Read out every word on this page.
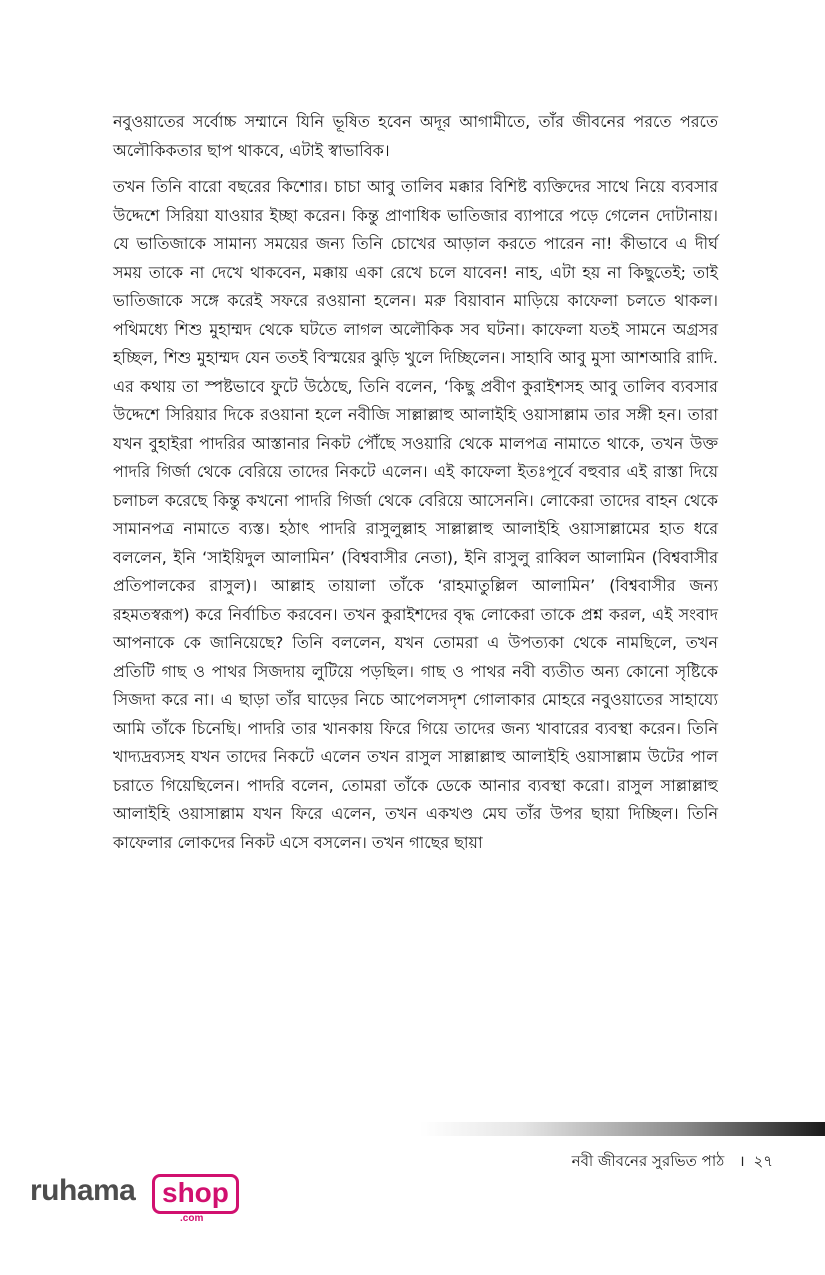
নবুওয়াতের সর্বোচ্চ সম্মানে যিনি ভূষিত হবেন অদূর আগামীতে, তাঁর জীবনের পরতে পরতে অলৌকিকতার ছাপ থাকবে, এটাই স্বাভাবিক।

তখন তিনি বারো বছরের কিশোর। চাচা আবু তালিব মক্কার বিশিষ্ট ব্যক্তিদের সাথে নিয়ে ব্যবসার উদ্দেশে সিরিয়া যাওয়ার ইচ্ছা করেন। কিন্তু প্রাণাধিক ভাতিজার ব্যাপারে পড়ে গেলেন দোটানায়। যে ভাতিজাকে সামান্য সময়ের জন্য তিনি চোখের আড়াল করতে পারেন না! কীভাবে এ দীর্ঘ সময় তাকে না দেখে থাকবেন, মক্কায় একা রেখে চলে যাবেন! নাহ, এটা হয় না কিছুতেই; তাই ভাতিজাকে সঙ্গে করেই সফরে রওয়ানা হলেন। মরু বিয়াবান মাড়িয়ে কাফেলা চলতে থাকল। পথিমধ্যে শিশু মুহাম্মদ থেকে ঘটতে লাগল অলৌকিক সব ঘটনা। কাফেলা যতই সামনে অগ্রসর হচ্ছিল, শিশু মুহাম্মদ যেন ততই বিস্ময়ের ঝুড়ি খুলে দিচ্ছিলেন। সাহাবি আবু মুসা আশআরি রাদি. এর কথায় তা স্পষ্টভাবে ফুটে উঠেছে, তিনি বলেন, ‘কিছু প্রবীণ কুরাইশসহ আবু তালিব ব্যবসার উদ্দেশে সিরিয়ার দিকে রওয়ানা হলে নবীজি সাল্লাল্লাহু আলাইহি ওয়াসাল্লাম তার সঙ্গী হন। তারা যখন বুহাইরা পাদরির আস্তানার নিকট পৌঁছে সওয়ারি থেকে মালপত্র নামাতে থাকে, তখন উক্ত পাদরি গির্জা থেকে বেরিয়ে তাদের নিকটে এলেন। এই কাফেলা ইতঃপূর্বে বহুবার এই রাস্তা দিয়ে চলাচল করেছে কিন্তু কখনো পাদরি গির্জা থেকে বেরিয়ে আসেননি। লোকেরা তাদের বাহন থেকে সামানপত্র নামাতে ব্যস্ত। হঠাৎ পাদরি রাসুলুল্লাহ সাল্লাল্লাহু আলাইহি ওয়াসাল্লামের হাত ধরে বললেন, ইনি ‘সাইয়িদুল আলামিন’ (বিশ্ববাসীর নেতা), ইনি রাসুলু রাব্বিল আলামিন (বিশ্ববাসীর প্রতিপালকের রাসুল)। আল্লাহ তায়ালা তাঁকে ‘রাহমাতুল্লিল আলামিন’ (বিশ্ববাসীর জন্য রহমতস্বরূপ) করে নির্বাচিত করবেন। তখন কুরাইশদের বৃদ্ধ লোকেরা তাকে প্রশ্ন করল, এই সংবাদ আপনাকে কে জানিয়েছে? তিনি বললেন, যখন তোমরা এ উপত্যকা থেকে নামছিলে, তখন প্রতিটি গাছ ও পাথর সিজদায় লুটিয়ে পড়ছিল। গাছ ও পাথর নবী ব্যতীত অন্য কোনো সৃষ্টিকে সিজদা করে না। এ ছাড়া তাঁর ঘাড়ের নিচে আপেলসদৃশ গোলাকার মোহরে নবুওয়াতের সাহায্যে আমি তাঁকে চিনেছি। পাদরি তার খানকায় ফিরে গিয়ে তাদের জন্য খাবারের ব্যবস্থা করেন। তিনি খাদ্যদ্রব্যসহ যখন তাদের নিকটে এলেন তখন রাসুল সাল্লাল্লাহু আলাইহি ওয়াসাল্লাম উটের পাল চরাতে গিয়েছিলেন। পাদরি বলেন, তোমরা তাঁকে ডেকে আনার ব্যবস্থা করো। রাসুল সাল্লাল্লাহু আলাইহি ওয়াসাল্লাম যখন ফিরে এলেন, তখন একখণ্ড মেঘ তাঁর উপর ছায়া দিচ্ছিল। তিনি কাফেলার লোকদের নিকট এসে বসলেন। তখন গাছের ছায়া

নবী জীবনের সুরভিত পাঠ । ২৭
ruhama shop
.com
